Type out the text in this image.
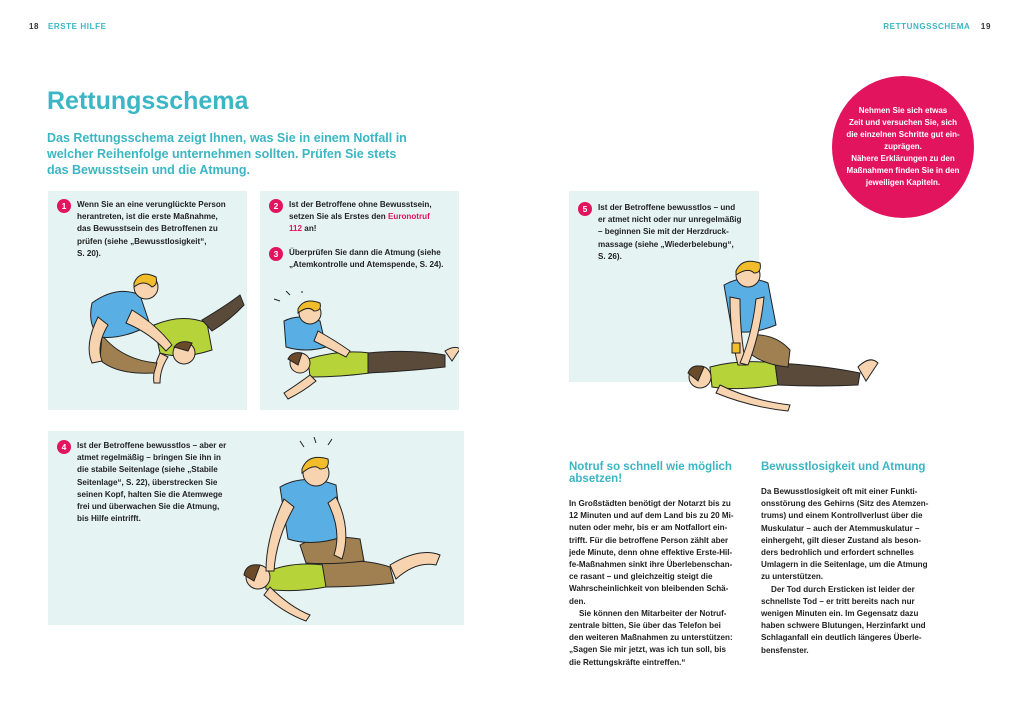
18 ERSTE HILFE	RETTUNGSSCHEMA 19
Rettungsschema
Das Rettungsschema zeigt Ihnen, was Sie in einem Notfall in
welcher Reihenfolge unternehmen sollten. Prüfen Sie stets
das Bewusstsein und die Atmung.
Nehmen Sie sich etwas
Zeit und versuchen Sie, sich
die einzelnen Schritte gut ein-
zuprägen.
Nähere Erklärungen zu den
Maßnahmen finden Sie in den
jeweiligen Kapiteln.
1	Wenn Sie an eine verunglückte Person
herantreten, ist die erste Maßnahme,
das Bewusstsein des Betroffenen zu
prüfen (siehe „Bewusstlosigkeit“,
S. 20).
2	Ist der Betroffene ohne Bewusstsein,
setzen Sie als Erstes den Euronotruf
112 an!
3	Überprüfen Sie dann die Atmung (siehe
„Atemkontrolle und Atemspende, S. 24).
5	Ist der Betroffene bewusstlos – und
er atmet nicht oder nur unregelmäßig
– beginnen Sie mit der Herzdruck-
massage (siehe „Wiederbelebung“,
S. 26).
4	Ist der Betroffene bewusstlos – aber er
atmet regelmäßig – bringen Sie ihn in
die stabile Seitenlage (siehe „Stabile
Seitenlage“, S. 22), überstrecken Sie
seinen Kopf, halten Sie die Atemwege
frei und überwachen Sie die Atmung,
bis Hilfe eintrifft.
Notruf so schnell wie möglich
absetzen!
In Großstädten benötigt der Notarzt bis zu
12 Minuten und auf dem Land bis zu 20 Mi-
nuten oder mehr, bis er am Notfallort ein-
trifft. Für die betroffene Person zählt aber
jede Minute, denn ohne effektive Erste-Hil-
fe-Maßnahmen sinkt ihre Überlebenschan-
ce rasant – und gleichzeitig steigt die
Wahrscheinlichkeit von bleibenden Schä-
den.
Sie können den Mitarbeiter der Notruf-
zentrale bitten, Sie über das Telefon bei
den weiteren Maßnahmen zu unterstützen:
„Sagen Sie mir jetzt, was ich tun soll, bis
die Rettungskräfte eintreffen.“
Bewusstlosigkeit und Atmung
Da Bewusstlosigkeit oft mit einer Funkti-
onsstörung des Gehirns (Sitz des Atemzen-
trums) und einem Kontrollverlust über die
Muskulatur – auch der Atemmuskulatur –
einhergeht, gilt dieser Zustand als beson-
ders bedrohlich und erfordert schnelles
Umlagern in die Seitenlage, um die Atmung
zu unterstützen.
Der Tod durch Ersticken ist leider der
schnellste Tod – er tritt bereits nach nur
wenigen Minuten ein. Im Gegensatz dazu
haben schwere Blutungen, Herzinfarkt und
Schlaganfall ein deutlich längeres Überle-
bensfenster.
